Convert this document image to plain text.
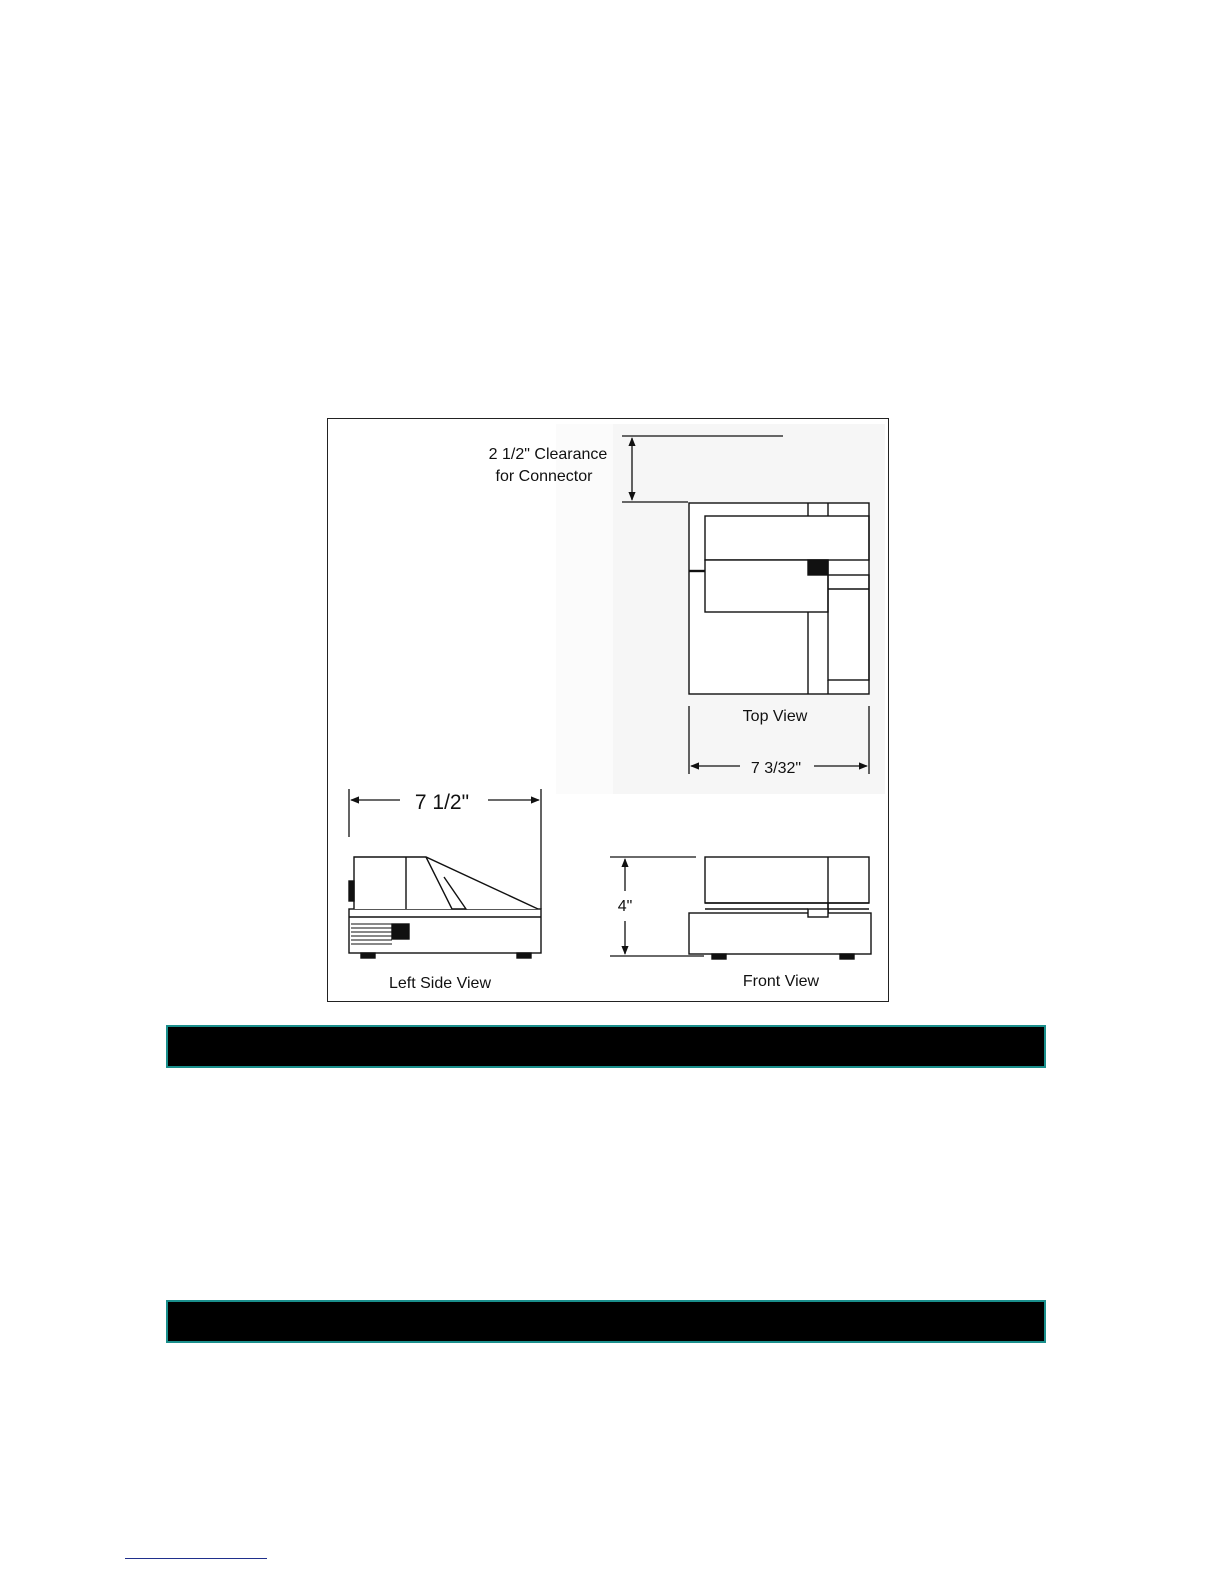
2 1/2" Clearance
for Connector
Top View
7 3/32"
7 1/2"
Left Side View
4"
Front View
